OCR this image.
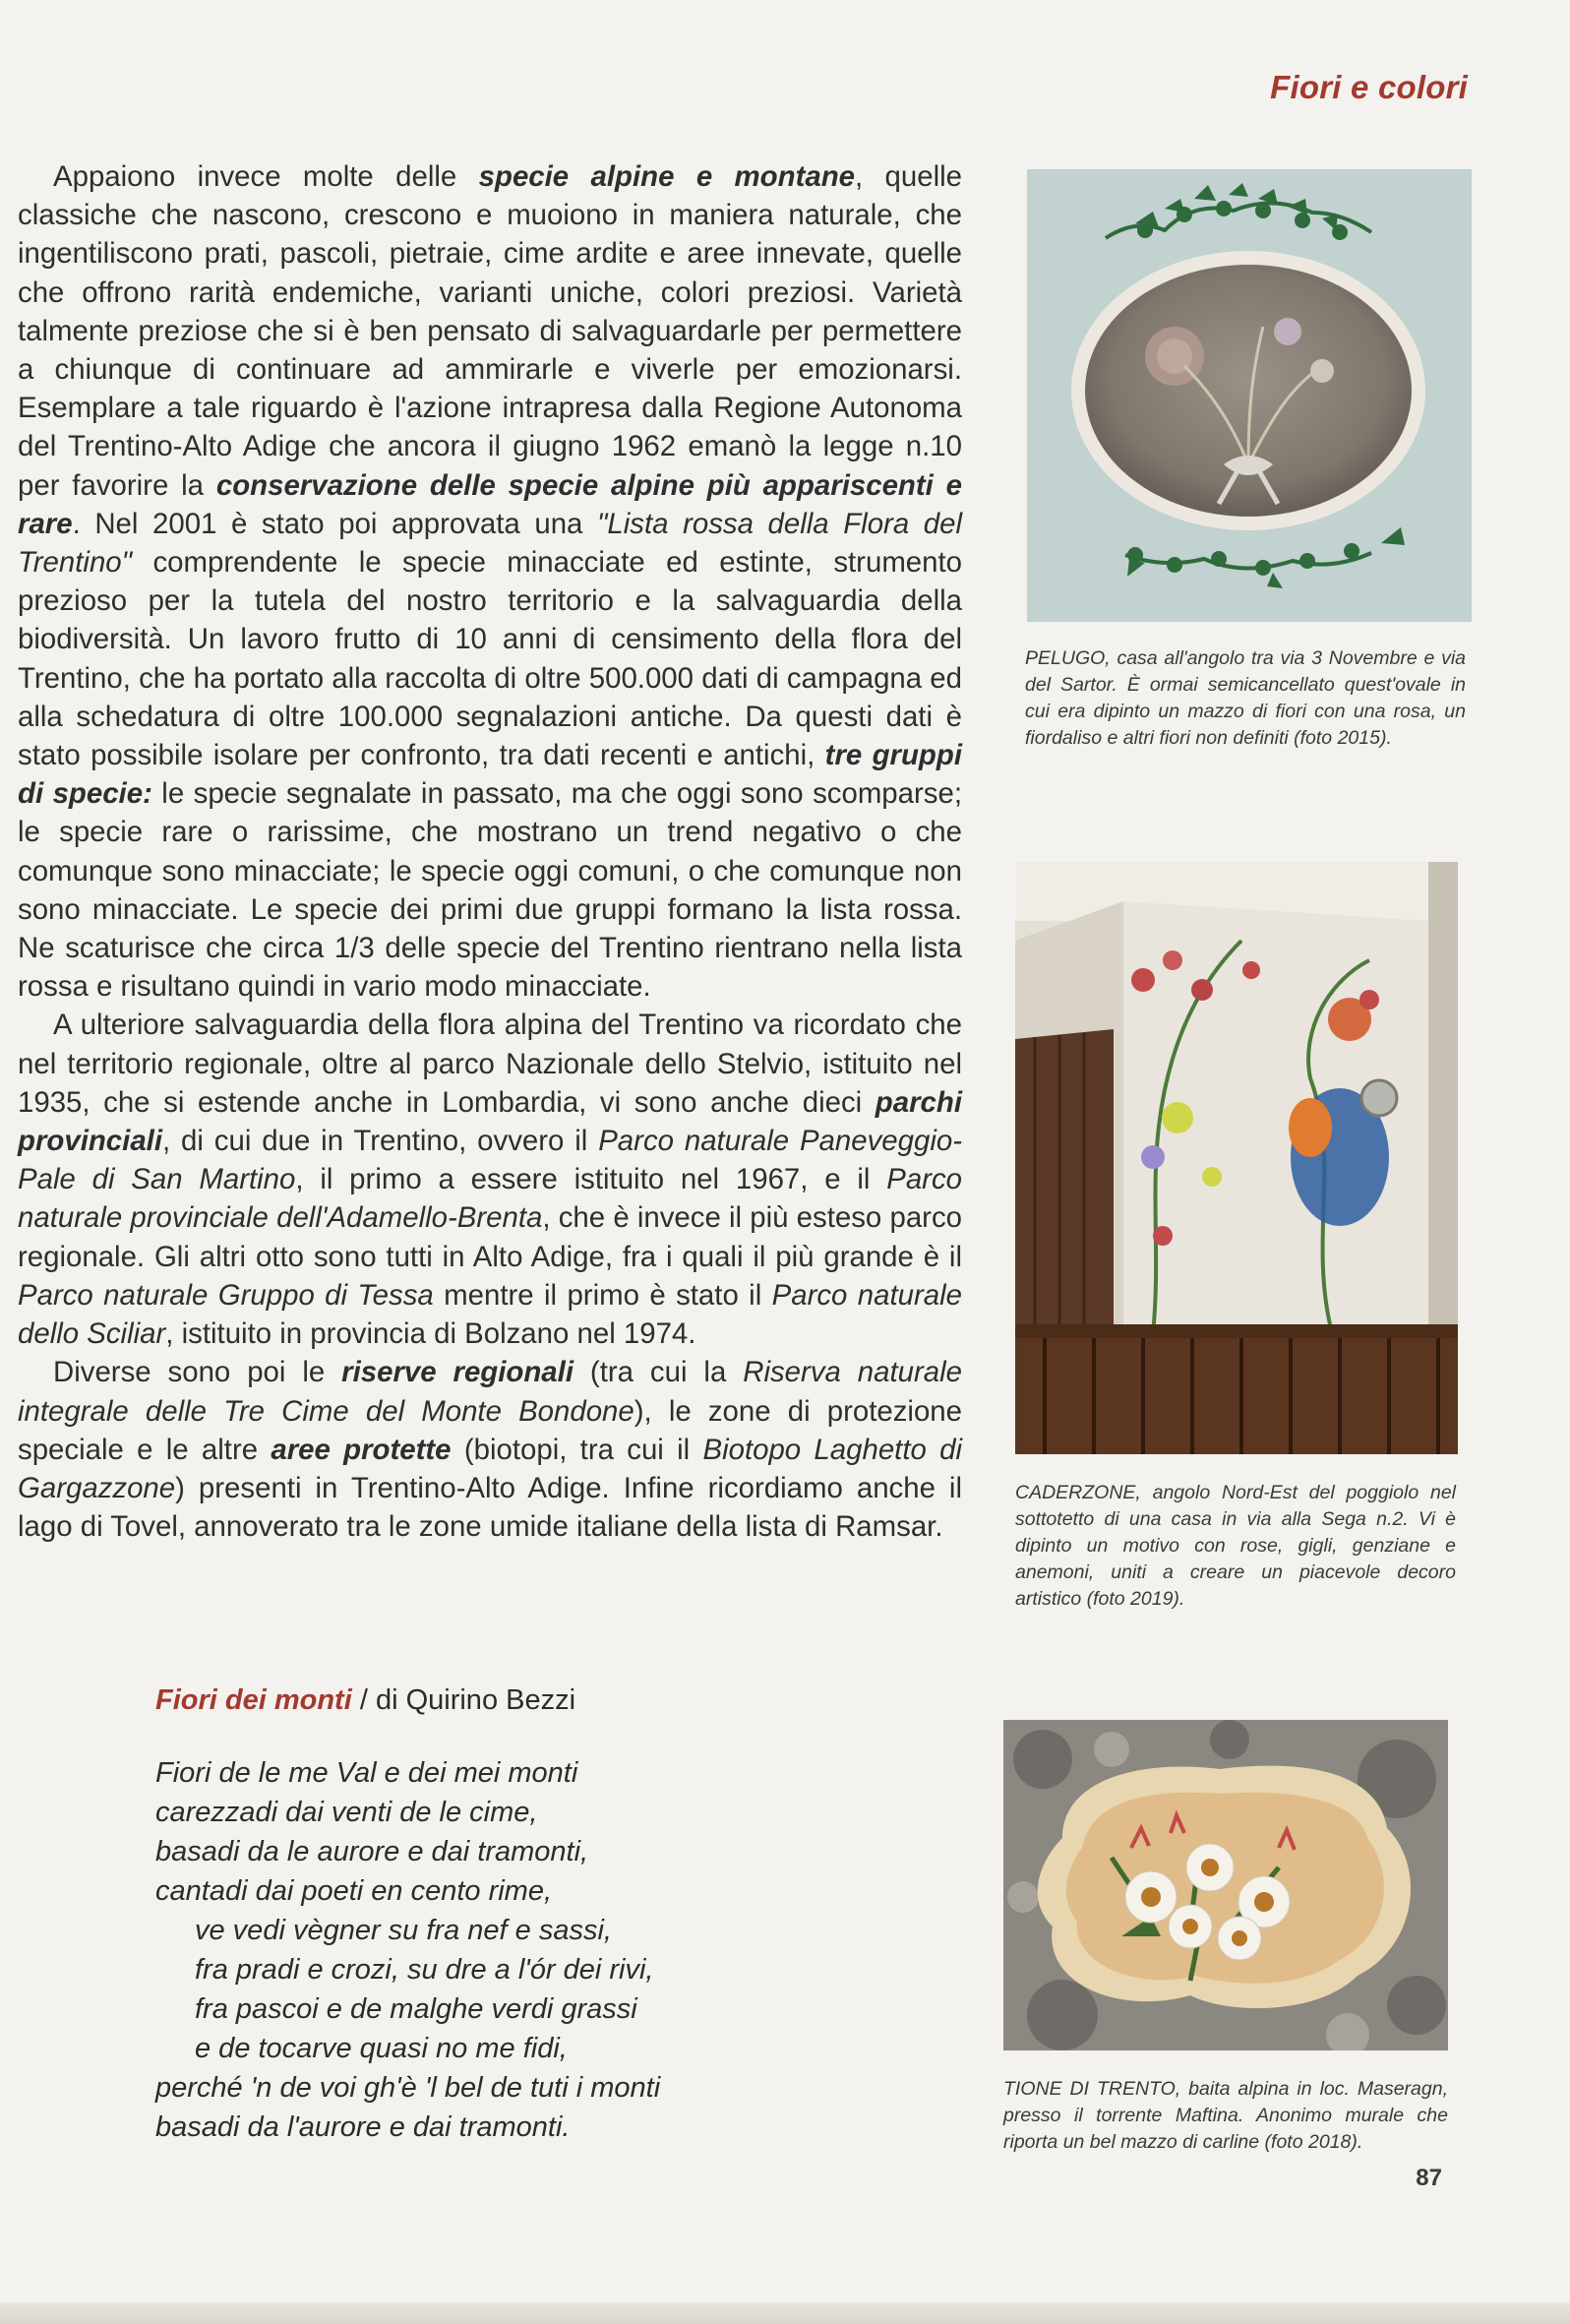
Fiori e colori

Appaiono invece molte delle specie alpine e montane, quelle classiche che nascono, crescono e muoiono in maniera naturale, che ingentiliscono prati, pascoli, pietraie, cime ardite e aree innevate, quelle che offrono rarità endemiche, varianti uniche, colori preziosi. Varietà talmente preziose che si è ben pensato di salvaguardarle per permettere a chiunque di continuare ad ammirarle e viverle per emozionarsi. Esemplare a tale riguardo è l'azione intrapresa dalla Regione Autonoma del Trentino-Alto Adige che ancora il giugno 1962 emanò la legge n.10 per favorire la conservazione delle specie alpine più appariscenti e rare. Nel 2001 è stato poi approvata una "Lista rossa della Flora del Trentino" comprendente le specie minacciate ed estinte, strumento prezioso per la tutela del nostro territorio e la salvaguardia della biodiversità. Un lavoro frutto di 10 anni di censimento della flora del Trentino, che ha portato alla raccolta di oltre 500.000 dati di campagna ed alla schedatura di oltre 100.000 segnalazioni antiche. Da questi dati è stato possibile isolare per confronto, tra dati recenti e antichi, tre gruppi di specie: le specie segnalate in passato, ma che oggi sono scomparse; le specie rare o rarissime, che mostrano un trend negativo o che comunque sono minacciate; le specie oggi comuni, o che comunque non sono minacciate. Le specie dei primi due gruppi formano la lista rossa. Ne scaturisce che circa 1/3 delle specie del Trentino rientrano nella lista rossa e risultano quindi in vario modo minacciate.

A ulteriore salvaguardia della flora alpina del Trentino va ricordato che nel territorio regionale, oltre al parco Nazionale dello Stelvio, istituito nel 1935, che si estende anche in Lombardia, vi sono anche dieci parchi provinciali, di cui due in Trentino, ovvero il Parco naturale Paneveggio-Pale di San Martino, il primo a essere istituito nel 1967, e il Parco naturale provinciale dell'Adamello-Brenta, che è invece il più esteso parco regionale. Gli altri otto sono tutti in Alto Adige, fra i quali il più grande è il Parco naturale Gruppo di Tessa mentre il primo è stato il Parco naturale dello Sciliar, istituito in provincia di Bolzano nel 1974.

Diverse sono poi le riserve regionali (tra cui la Riserva naturale integrale delle Tre Cime del Monte Bondone), le zone di protezione speciale e le altre aree protette (biotopi, tra cui il Biotopo Laghetto di Gargazzone) presenti in Trentino-Alto Adige. Infine ricordiamo anche il lago di Tovel, annoverato tra le zone umide italiane della lista di Ramsar.

Fiori dei monti / di Quirino Bezzi
Fiori de le me Val e dei mei monti
carezzadi dai venti de le cime,
basadi da le aurore e dai tramonti,
cantadi dai poeti en cento rime,
ve vedi vègner su fra nef e sassi,
fra pradi e crozi, su dre a l'ór dei rivi,
fra pascoi e de malghe verdi grassi
e de tocarve quasi no me fidi,
perché 'n de voi gh'è 'l bel de tuti i monti
basadi da l'aurore e dai tramonti.
PELUGO, casa all'angolo tra via 3 Novembre e via del Sartor. È ormai semicancellato quest'ovale in cui era dipinto un mazzo di fiori con una rosa, un fiordaliso e altri fiori non definiti (foto 2015).
CADERZONE, angolo Nord-Est del poggiolo nel sottotetto di una casa in via alla Sega n.2. Vi è dipinto un motivo con rose, gigli, genziane e anemoni, uniti a creare un piacevole decoro artistico (foto 2019).
TIONE DI TRENTO, baita alpina in loc. Maseragn, presso il torrente Maftina. Anonimo murale che riporta un bel mazzo di carline (foto 2018).
87
